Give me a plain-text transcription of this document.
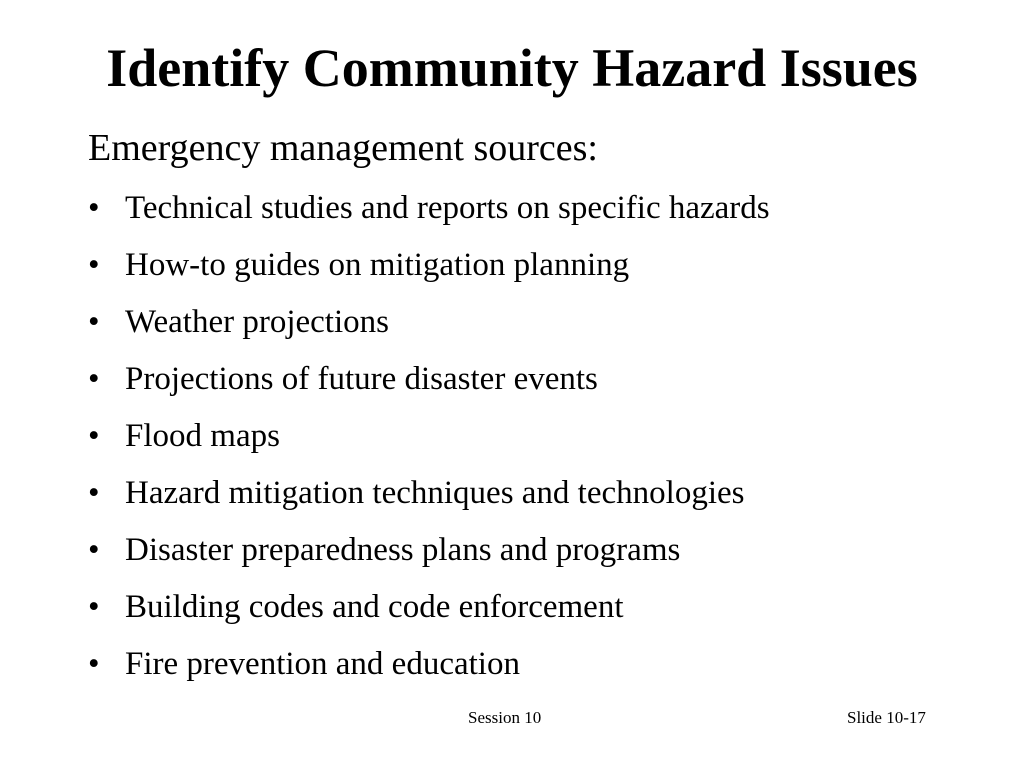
Identify Community Hazard Issues

Emergency management sources:

• Technical studies and reports on specific hazards
• How-to guides on mitigation planning
• Weather projections
• Projections of future disaster events
• Flood maps
• Hazard mitigation techniques and technologies
• Disaster preparedness plans and programs
• Building codes and code enforcement
• Fire prevention and education
Session 10	Slide 10-17
